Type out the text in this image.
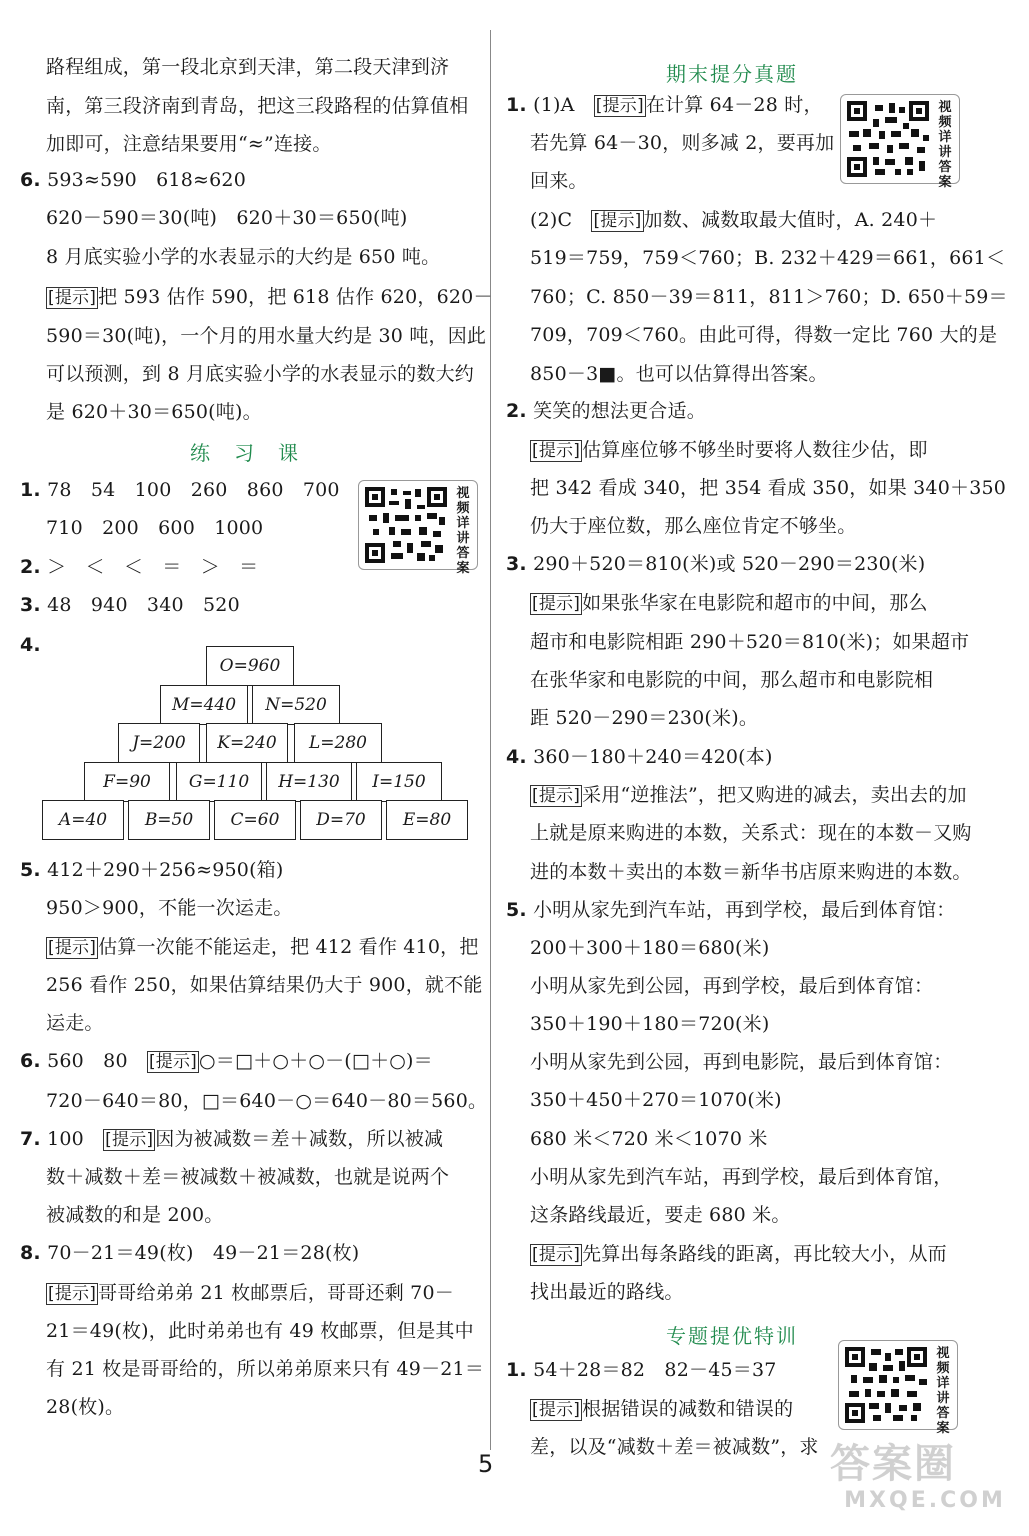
路程组成，第一段北京到天津，第二段天津到济
南，第三段济南到青岛，把这三段路程的估算值相
加即可，注意结果要用“≈”连接。
6. 593≈590　618≈620
620－590＝30(吨)　620＋30＝650(吨)
8 月底实验小学的水表显示的大约是 650 吨。
[提示] 把 593 估作 590，把 618 估作 620，620－
590＝30(吨)，一个月的用水量大约是 30 吨，因此
可以预测，到 8 月底实验小学的水表显示的数大约
是 620＋30＝650(吨)。
练　习　课
1. 78　54　100　260　860　700
710　200　600　1000
视频详讲答案
2. ＞　＜　＜　＝　＞　＝
3. 48　940　340　520
4.
O=960
M=440	N=520
J=200	K=240	L=280
F=90	G=110	H=130	I=150
A=40	B=50	C=60	D=70	E=80
5. 412＋290＋256≈950(箱)
950＞900，不能一次运走。
[提示] 估算一次能不能运走，把 412 看作 410，把
256 看作 250，如果估算结果仍大于 900，就不能
运走。
6. 560　80　[提示] ○＝□＋○＋○－(□＋○)＝
720－640＝80，□＝640－○＝640－80＝560。
7. 100　[提示] 因为被减数＝差＋减数，所以被减
数＋减数＋差＝被减数＋被减数，也就是说两个
被减数的和是 200。
8. 70－21＝49(枚)　49－21＝28(枚)
[提示] 哥哥给弟弟 21 枚邮票后，哥哥还剩 70－
21＝49(枚)，此时弟弟也有 49 枚邮票，但是其中
有 21 枚是哥哥给的，所以弟弟原来只有 49－21＝
28(枚)。
期末提分真题
1. (1)A　[提示] 在计算 64－28 时，
若先算 64－30，则多减 2，要再加
回来。
视频详讲答案
(2)C　[提示] 加数、减数取最大值时，A. 240＋
519＝759，759＜760；B. 232＋429＝661，661＜
760；C. 850－39＝811，811＞760；D. 650＋59＝
709，709＜760。由此可得，得数一定比 760 大的是
850－3■。也可以估算得出答案。
2. 笑笑的想法更合适。
[提示] 估算座位够不够坐时要将人数往少估，即
把 342 看成 340，把 354 看成 350，如果 340＋350
仍大于座位数，那么座位肯定不够坐。
3. 290＋520＝810(米)或 520－290＝230(米)
[提示] 如果张华家在电影院和超市的中间，那么
超市和电影院相距 290＋520＝810(米)；如果超市
在张华家和电影院的中间，那么超市和电影院相
距 520－290＝230(米)。
4. 360－180＋240＝420(本)
[提示] 采用“逆推法”，把又购进的减去，卖出去的加
上就是原来购进的本数，关系式：现在的本数－又购
进的本数＋卖出的本数＝新华书店原来购进的本数。
5. 小明从家先到汽车站，再到学校，最后到体育馆：
200＋300＋180＝680(米)
小明从家先到公园，再到学校，最后到体育馆：
350＋190＋180＝720(米)
小明从家先到公园，再到电影院，最后到体育馆：
350＋450＋270＝1070(米)
680 米＜720 米＜1070 米
小明从家先到汽车站，再到学校，最后到体育馆，
这条路线最近，要走 680 米。
[提示] 先算出每条路线的距离，再比较大小，从而
找出最近的路线。
专题提优特训
1. 54＋28＝82　82－45＝37
[提示] 根据错误的减数和错误的
差，以及“减数＋差＝被减数”，求
视频详讲答案
5	答案圈
MXQE.COM
